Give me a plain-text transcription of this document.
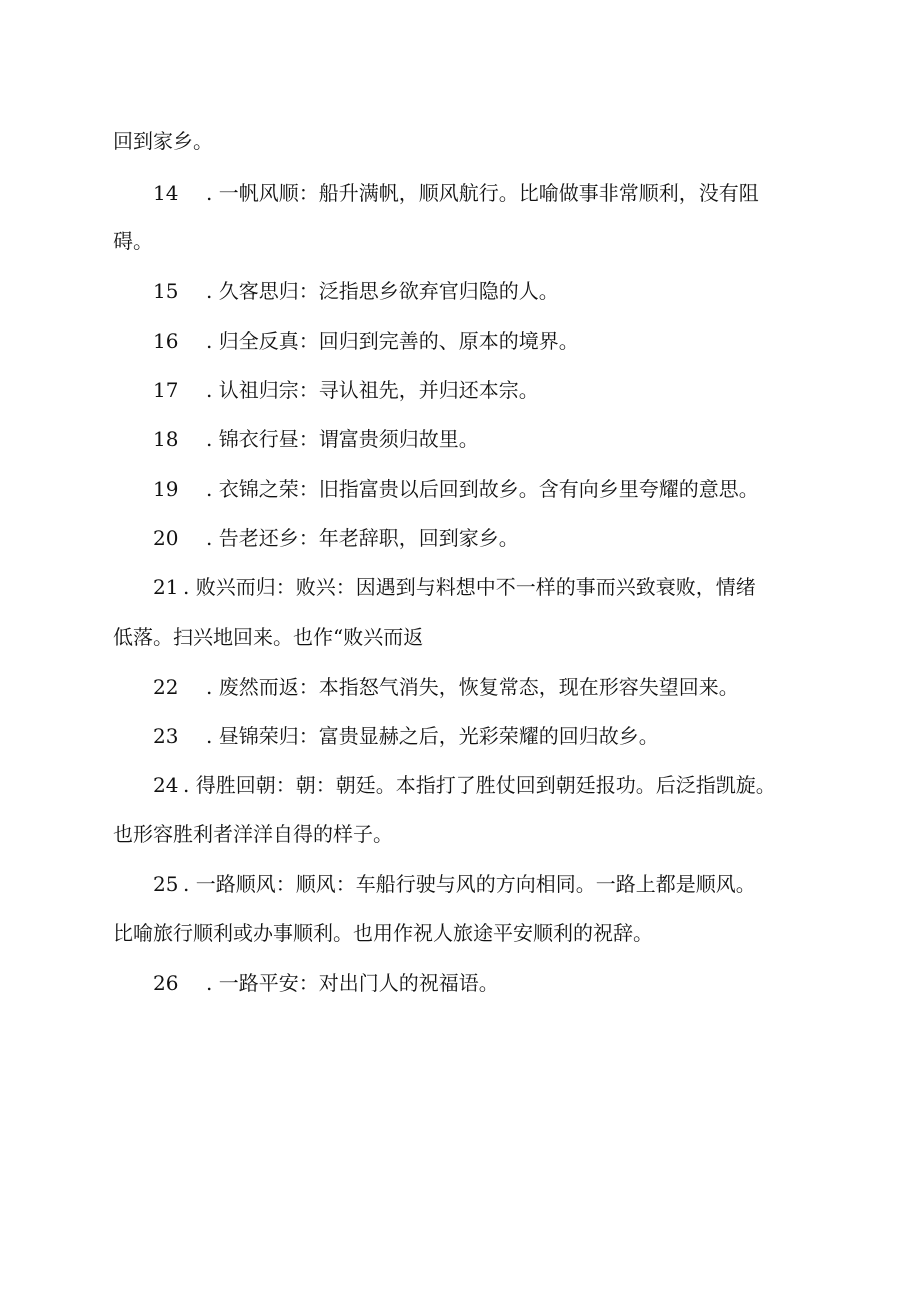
回到家乡。
14 . 一帆风顺：船升满帆，顺风航行。比喻做事非常顺利，没有阻
碍。
15 . 久客思归：泛指思乡欲弃官归隐的人。
16 . 归全反真：回归到完善的、原本的境界。
17 . 认祖归宗：寻认祖先，并归还本宗。
18 . 锦衣行昼：谓富贵须归故里。
19 . 衣锦之荣：旧指富贵以后回到故乡。含有向乡里夸耀的意思。
20 . 告老还乡：年老辞职，回到家乡。
21 . 败兴而归：败兴：因遇到与料想中不一样的事而兴致衰败，情绪
低落。扫兴地回来。也作“败兴而返
22 . 废然而返：本指怒气消失，恢复常态，现在形容失望回来。
23 . 昼锦荣归：富贵显赫之后，光彩荣耀的回归故乡。
24 . 得胜回朝：朝：朝廷。本指打了胜仗回到朝廷报功。后泛指凯旋。
也形容胜利者洋洋自得的样子。
25 . 一路顺风：顺风：车船行驶与风的方向相同。一路上都是顺风。
比喻旅行顺利或办事顺利。也用作祝人旅途平安顺利的祝辞。
26 . 一路平安：对出门人的祝福语。
